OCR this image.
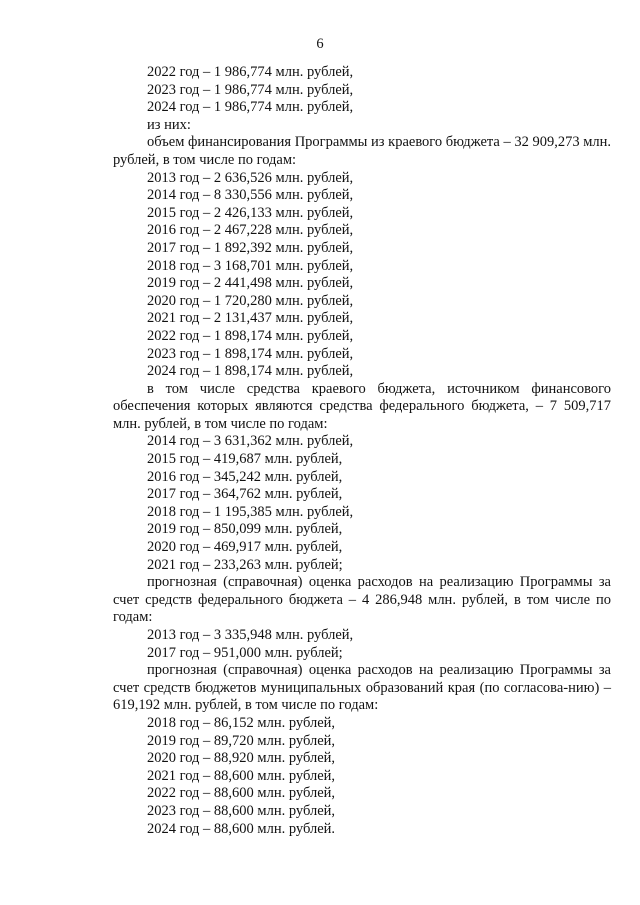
6

2022 год – 1 986,774 млн. рублей,

2023 год – 1 986,774 млн. рублей,

2024 год – 1 986,774 млн. рублей,

из них:

объем финансирования Программы из краевого бюджета – 32 909,273 млн. рублей, в том числе по годам:

2013 год – 2 636,526 млн. рублей,

2014 год – 8 330,556 млн. рублей,

2015 год – 2 426,133 млн. рублей,

2016 год – 2 467,228 млн. рублей,

2017 год – 1 892,392 млн. рублей,

2018 год – 3 168,701 млн. рублей,

2019 год – 2 441,498 млн. рублей,

2020 год – 1 720,280 млн. рублей,

2021 год – 2 131,437 млн. рублей,

2022 год – 1 898,174 млн. рублей,

2023 год – 1 898,174 млн. рублей,

2024 год – 1 898,174 млн. рублей,

в том числе средства краевого бюджета, источником финансового обеспечения которых являются средства федерального бюджета, – 7 509,717 млн. рублей, в том числе по годам:

2014 год – 3 631,362 млн. рублей,

2015 год – 419,687 млн. рублей,

2016 год – 345,242 млн. рублей,

2017 год – 364,762 млн. рублей,

2018 год – 1 195,385 млн. рублей,

2019 год – 850,099 млн. рублей,

2020 год – 469,917 млн. рублей,

2021 год – 233,263 млн. рублей;

прогнозная (справочная) оценка расходов на реализацию Программы за счет средств федерального бюджета – 4 286,948 млн. рублей, в том числе по годам:

2013 год – 3 335,948 млн. рублей,

2017 год – 951,000 млн. рублей;

прогнозная (справочная) оценка расходов на реализацию Программы за счет средств бюджетов муниципальных образований края (по согласова-нию) – 619,192 млн. рублей, в том числе по годам:

2018 год – 86,152 млн. рублей,

2019 год – 89,720 млн. рублей,

2020 год – 88,920 млн. рублей,

2021 год – 88,600 млн. рублей,

2022 год – 88,600 млн. рублей,

2023 год – 88,600 млн. рублей,

2024 год – 88,600 млн. рублей.
